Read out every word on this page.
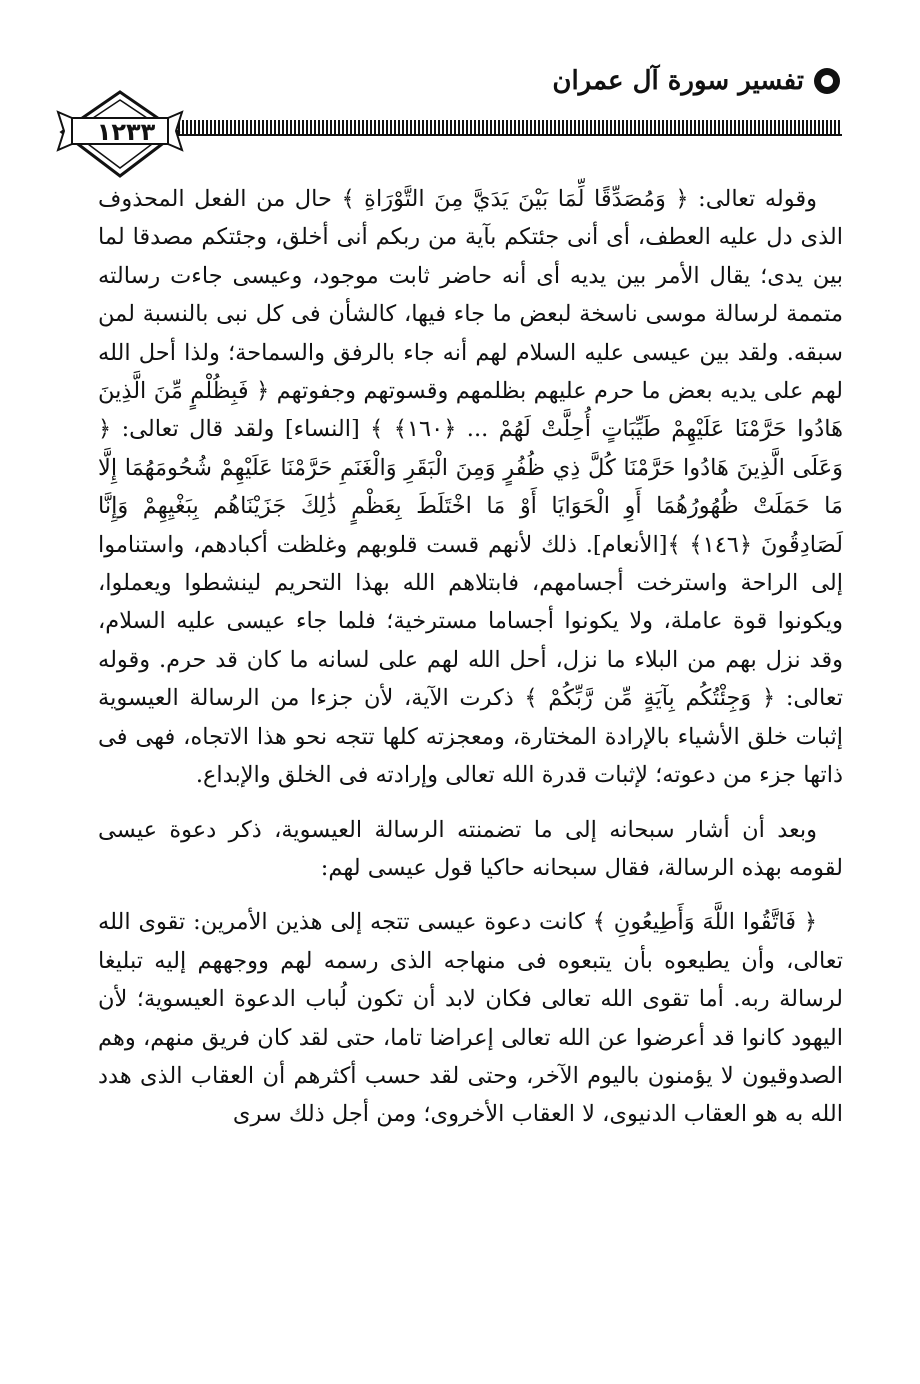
تفسير سورة آل عمران
١٢٣٣

وقوله تعالى: ﴿ وَمُصَدِّقًا لِّمَا بَيْنَ يَدَيَّ مِنَ التَّوْرَاةِ ﴾ حال من الفعل المحذوف الذى دل عليه العطف، أى أنى جئتكم بآية من ربكم أنى أخلق، وجئتكم مصدقا لما بين يدى؛ يقال الأمر بين يديه أى أنه حاضر ثابت موجود، وعيسى جاءت رسالته متممة لرسالة موسى ناسخة لبعض ما جاء فيها، كالشأن فى كل نبى بالنسبة لمن سبقه. ولقد بين عيسى عليه السلام لهم أنه جاء بالرفق والسماحة؛ ولذا أحل الله لهم على يديه بعض ما حرم عليهم بظلمهم وقسوتهم وجفوتهم ﴿ فَبِظُلْمٍ مِّنَ الَّذِينَ هَادُوا حَرَّمْنَا عَلَيْهِمْ طَيِّبَاتٍ أُحِلَّتْ لَهُمْ ... ﴿١٦٠﴾ ﴾ [النساء] ولقد قال تعالى: ﴿ وَعَلَى الَّذِينَ هَادُوا حَرَّمْنَا كُلَّ ذِي ظُفُرٍ وَمِنَ الْبَقَرِ وَالْغَنَمِ حَرَّمْنَا عَلَيْهِمْ شُحُومَهُمَا إِلَّا مَا حَمَلَتْ ظُهُورُهُمَا أَوِ الْحَوَايَا أَوْ مَا اخْتَلَطَ بِعَظْمٍ ذَٰلِكَ جَزَيْنَاهُم بِبَغْيِهِمْ وَإِنَّا لَصَادِقُونَ ﴿١٤٦﴾ ﴾[الأنعام]. ذلك لأنهم قست قلوبهم وغلظت أكبادهم، واستناموا إلى الراحة واسترخت أجسامهم، فابتلاهم الله بهذا التحريم لينشطوا ويعملوا، ويكونوا قوة عاملة، ولا يكونوا أجساما مسترخية؛ فلما جاء عيسى عليه السلام، وقد نزل بهم من البلاء ما نزل، أحل الله لهم على لسانه ما كان قد حرم. وقوله تعالى: ﴿ وَجِئْتُكُم بِآيَةٍ مِّن رَّبِّكُمْ ﴾ ذكرت الآية، لأن جزءا من الرسالة العيسوية إثبات خلق الأشياء بالإرادة المختارة، ومعجزته كلها تتجه نحو هذا الاتجاه، فهى فى ذاتها جزء من دعوته؛ لإثبات قدرة الله تعالى وإرادته فى الخلق والإبداع.

وبعد أن أشار سبحانه إلى ما تضمنته الرسالة العيسوية، ذكر دعوة عيسى لقومه بهذه الرسالة، فقال سبحانه حاكيا قول عيسى لهم:

﴿ فَاتَّقُوا اللَّهَ وَأَطِيعُونِ ﴾ كانت دعوة عيسى تتجه إلى هذين الأمرين: تقوى الله تعالى، وأن يطيعوه بأن يتبعوه فى منهاجه الذى رسمه لهم ووجههم إليه تبليغا لرسالة ربه. أما تقوى الله تعالى فكان لابد أن تكون لُباب الدعوة العيسوية؛ لأن اليهود كانوا قد أعرضوا عن الله تعالى إعراضا تاما، حتى لقد كان فريق منهم، وهم الصدوقيون لا يؤمنون باليوم الآخر، وحتى لقد حسب أكثرهم أن العقاب الذى هدد الله به هو العقاب الدنيوى، لا العقاب الأخروى؛ ومن أجل ذلك سرى
